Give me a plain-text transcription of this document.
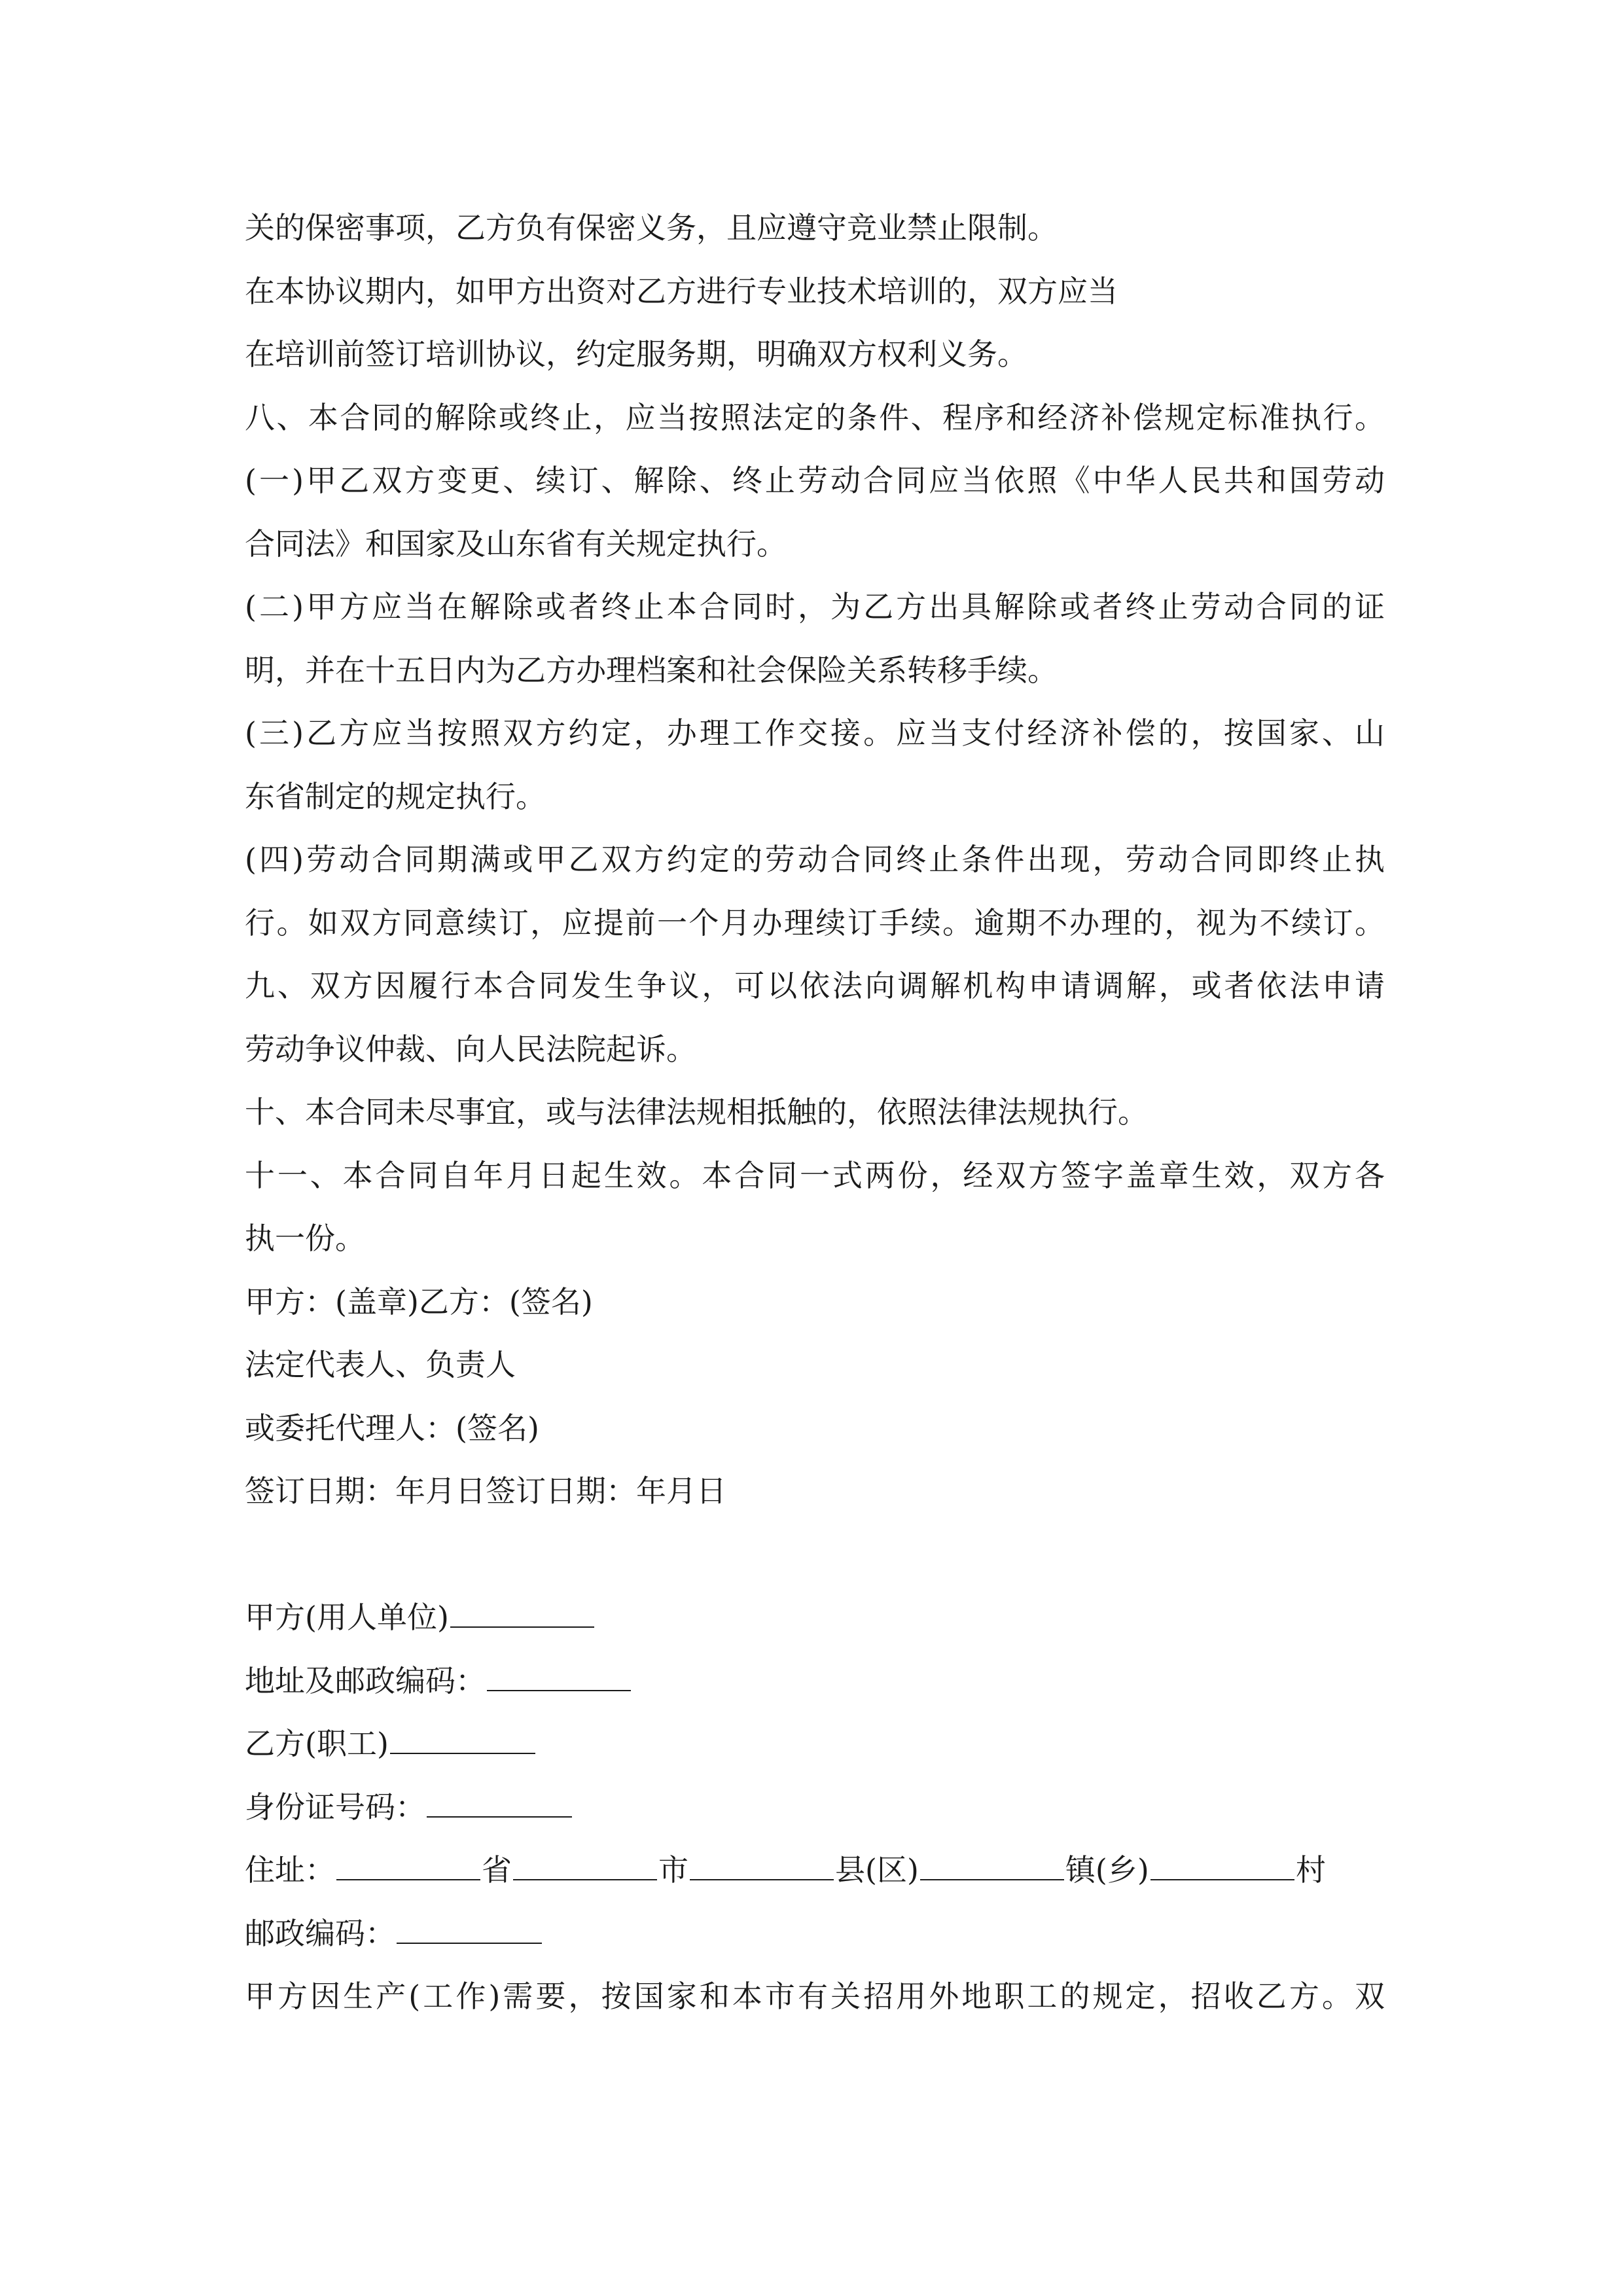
关的保密事项，乙方负有保密义务，且应遵守竞业禁止限制。
在本协议期内，如甲方出资对乙方进行专业技术培训的，双方应当
在培训前签订培训协议，约定服务期，明确双方权利义务。
八、本合同的解除或终止，应当按照法定的条件、程序和经济补偿规定标准执行。
(一)甲乙双方变更、续订、解除、终止劳动合同应当依照《中华人民共和国劳动
合同法》和国家及山东省有关规定执行。
(二)甲方应当在解除或者终止本合同时，为乙方出具解除或者终止劳动合同的证
明，并在十五日内为乙方办理档案和社会保险关系转移手续。
(三)乙方应当按照双方约定，办理工作交接。应当支付经济补偿的，按国家、山
东省制定的规定执行。
(四)劳动合同期满或甲乙双方约定的劳动合同终止条件出现，劳动合同即终止执
行。如双方同意续订，应提前一个月办理续订手续。逾期不办理的，视为不续订。
九、双方因履行本合同发生争议，可以依法向调解机构申请调解，或者依法申请
劳动争议仲裁、向人民法院起诉。
十、本合同未尽事宜，或与法律法规相抵触的，依照法律法规执行。
十一、本合同自年月日起生效。本合同一式两份，经双方签字盖章生效，双方各
执一份。
甲方：(盖章)乙方：(签名)
法定代表人、负责人
或委托代理人：(签名)
签订日期：年月日签订日期：年月日
甲方(用人单位)
地址及邮政编码：
乙方(职工)
身份证号码：
住址：	省	市	县(区)	镇(乡)	村
邮政编码：
甲方因生产(工作)需要，按国家和本市有关招用外地职工的规定，招收乙方。双
